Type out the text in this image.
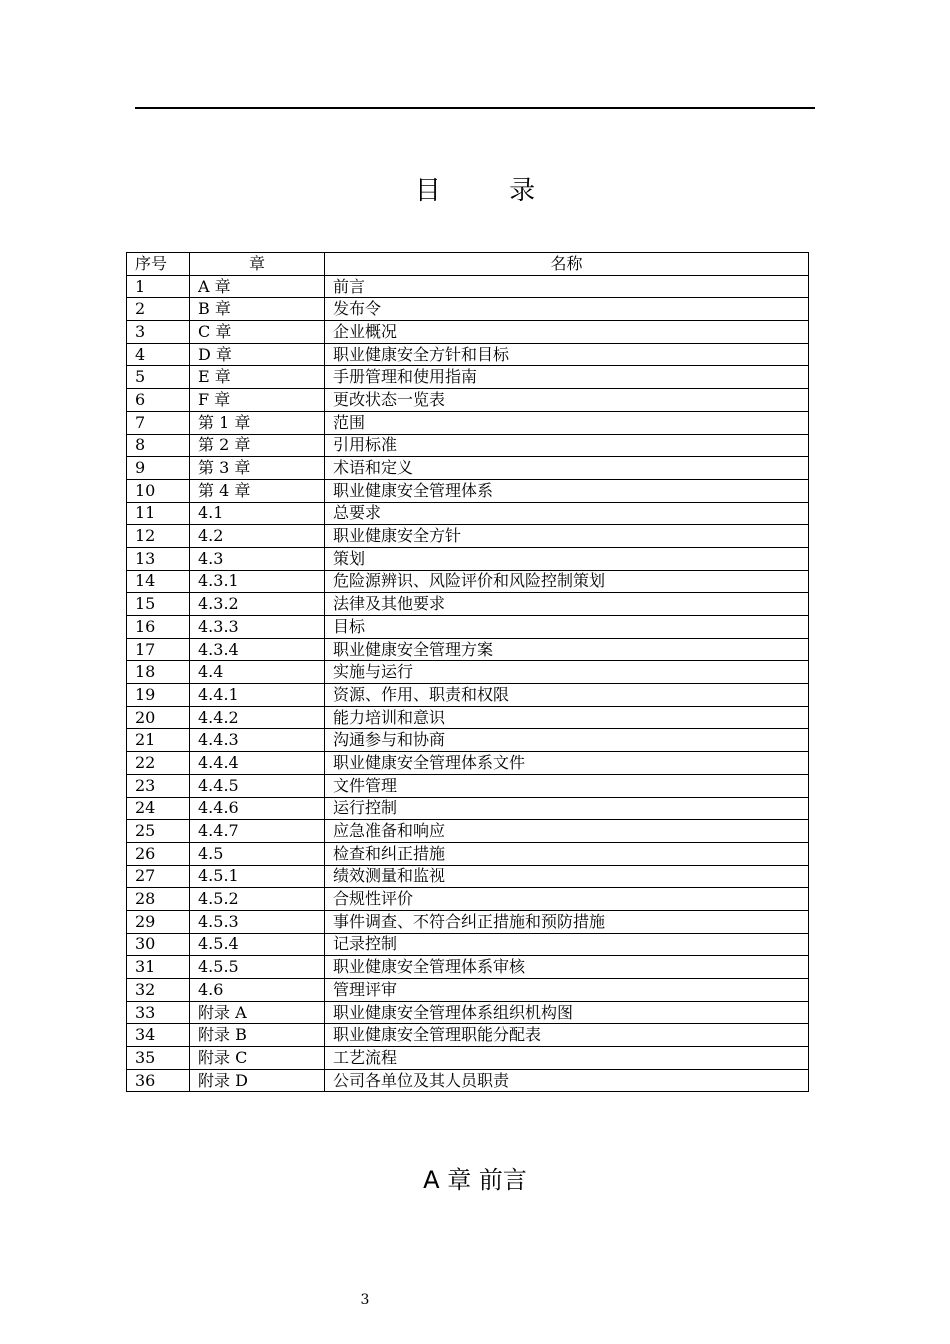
目 录
序号	章	名称
1	A 章	前言
2	B 章	发布令
3	C 章	企业概况
4	D 章	职业健康安全方针和目标
5	E 章	手册管理和使用指南
6	F 章	更改状态一览表
7	第 1 章	范围
8	第 2 章	引用标准
9	第 3 章	术语和定义
10	第 4 章	职业健康安全管理体系
11	4.1	总要求
12	4.2	职业健康安全方针
13	4.3	策划
14	4.3.1	危险源辨识、风险评价和风险控制策划
15	4.3.2	法律及其他要求
16	4.3.3	目标
17	4.3.4	职业健康安全管理方案
18	4.4	实施与运行
19	4.4.1	资源、作用、职责和权限
20	4.4.2	能力培训和意识
21	4.4.3	沟通参与和协商
22	4.4.4	职业健康安全管理体系文件
23	4.4.5	文件管理
24	4.4.6	运行控制
25	4.4.7	应急准备和响应
26	4.5	检查和纠正措施
27	4.5.1	绩效测量和监视
28	4.5.2	合规性评价
29	4.5.3	事件调查、不符合纠正措施和预防措施
30	4.5.4	记录控制
31	4.5.5	职业健康安全管理体系审核
32	4.6	管理评审
33	附录 A	职业健康安全管理体系组织机构图
34	附录 B	职业健康安全管理职能分配表
35	附录 C	工艺流程
36	附录 D	公司各单位及其人员职责
A 章 前言
3
